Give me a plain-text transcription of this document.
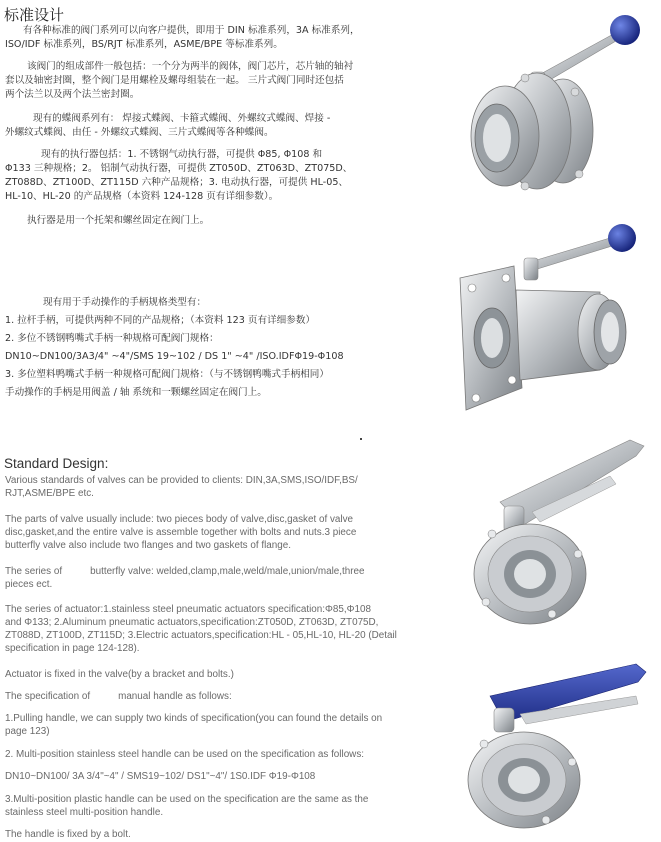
标准设计

有各种标准的阀门系列可以向客户提供，即用于 DIN 标准系列，3A 标准系列，

ISO/IDF 标准系列，BS/RJT 标准系列，ASME/BPE 等标准系列。

该阀门的组成部件一般包括：一个分为两半的阀体，阀门芯片，芯片轴的轴衬

套以及轴密封圈，整个阀门是用螺栓及螺母组装在一起。 三片式阀门同时还包括

两个法兰以及两个法兰密封圈。

现有的蝶阀系列有： 焊接式蝶阀、卡箍式蝶阀、外螺纹式蝶阀、焊接 -

外螺纹式蝶阀、由任 - 外螺纹式蝶阀、三片式蝶阀等各种蝶阀。

现有的执行器包括：1. 不锈钢气动执行器，可提供 Φ85, Φ108 和

Φ133 三种规格；2。 铝制气动执行器，可提供 ZT050D、ZT063D、ZT075D、

ZT088D、ZT100D、ZT115D 六种产品规格；3. 电动执行器，可提供 HL-05、

HL-10、HL-20 的产品规格（本资料 124-128 页有详细参数）。

执行器是用一个托架和螺丝固定在阀门上。

现有用于手动操作的手柄规格类型有：

1. 拉杆手柄，可提供两种不同的产品规格；（本资料 123 页有详细参数）

2. 多位不锈钢鸭嘴式手柄一种规格可配阀门规格：

DN10~DN100/3A3/4" ~4"/SMS 19~102 / DS 1" ~4" /ISO.IDFΦ19-Φ108

3. 多位塑料鸭嘴式手柄一种规格可配阀门规格：（与不锈钢鸭嘴式手柄相同）

手动操作的手柄是用阀盖 / 轴 系统和一颗螺丝固定在阀门上。

Standard Design:

Various standards of valves can be provided to clients: DIN,3A,SMS,ISO/IDF,BS/

RJT,ASME/BPE etc.

The parts of valve usually include: two pieces body of valve,disc,gasket of valve

disc,gasket,and the entire valve is assemble together with bolts and nuts.3 piece

butterfly valve also include two flanges and two gaskets of flange.

The series of	butterfly valve: welded,clamp,male,weld/male,union/male,three

pieces ect.

The series of actuator:1.stainless steel pneumatic actuators specification:Φ85,Φ108

and Φ133; 2.Aluminum pneumatic actuators,specification:ZT050D, ZT063D, ZT075D,

ZT088D, ZT100D, ZT115D; 3.Electric actuators,specification:HL - 05,HL-10, HL-20 (Detail

specification in page 124-128).

Actuator is fixed in the valve(by a bracket and bolts.)
The specification of	manual handle as follows:

1.Pulling handle, we can supply two kinds of specification(you can found the details on

page 123)

2. Multi-position stainless steel handle can be used on the specification as follows:
DN10~DN100/ 3A 3/4"~4" / SMS19~102/ DS1"~4"/ 1S0.IDF Φ19-Φ108

3.Multi-position plastic handle can be used on the specification are the same as the

stainless steel multi-position handle.

The handle is fixed by a bolt.
